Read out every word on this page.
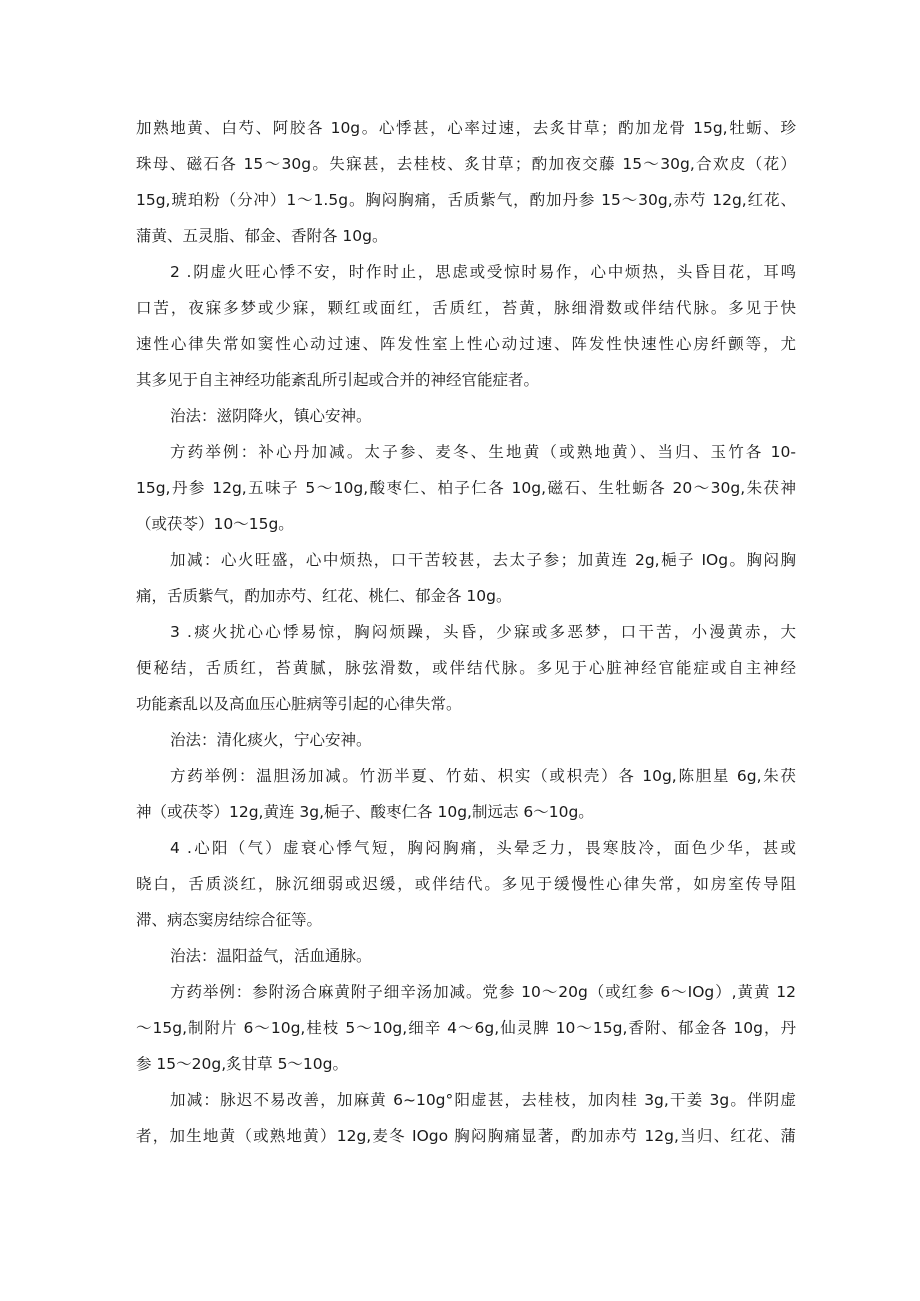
加熟地黄、白芍、阿胶各 10g。心悸甚，心率过速，去炙甘草；酌加龙骨 15g,牡蛎、珍
珠母、磁石各 15～30g。失寐甚，去桂枝、炙甘草；酌加夜交藤 15～30g,合欢皮（花）
15g,琥珀粉（分冲）1～1.5g。胸闷胸痛，舌质紫气，酌加丹参 15～30g,赤芍 12g,红花、
蒲黄、五灵脂、郁金、香附各 10g。
2 .阴虚火旺心悸不安，时作时止，思虑或受惊时易作，心中烦热，头昏目花，耳鸣
口苦，夜寐多梦或少寐，颗红或面红，舌质红，苔黄，脉细滑数或伴结代脉。多见于快
速性心律失常如窦性心动过速、阵发性室上性心动过速、阵发性快速性心房纤颤等，尤
其多见于自主神经功能紊乱所引起或合并的神经官能症者。
治法：滋阴降火，镇心安神。
方药举例：补心丹加减。太子参、麦冬、生地黄（或熟地黄）、当归、玉竹各 10-
15g,丹参 12g,五味子 5～10g,酸枣仁、柏子仁各 10g,磁石、生牡蛎各 20～30g,朱茯神
（或茯苓）10～15g。
加减：心火旺盛，心中烦热，口干苦较甚，去太子参；加黄连 2g,梔子 IOg。胸闷胸
痛，舌质紫气，酌加赤芍、红花、桃仁、郁金各 10g。
3 .痰火扰心心悸易惊，胸闷烦躁，头昏，少寐或多恶梦，口干苦，小漫黄赤，大
便秘结，舌质红，苔黄腻，脉弦滑数，或伴结代脉。多见于心脏神经官能症或自主神经
功能紊乱以及高血压心脏病等引起的心律失常。
治法：清化痰火，宁心安神。
方药举例：温胆汤加减。竹沥半夏、竹茹、枳实（或枳壳）各 10g,陈胆星 6g,朱茯
神（或茯苓）12g,黄连 3g,梔子、酸枣仁各 10g,制远志 6～10g。
4 .心阳（气）虚衰心悸气短，胸闷胸痛，头晕乏力，畏寒肢冷，面色少华，甚或
晓白，舌质淡红，脉沉细弱或迟缓，或伴结代。多见于缓慢性心律失常，如房室传导阻
滞、病态窦房结综合征等。
治法：温阳益气，活血通脉。
方药举例：参附汤合麻黄附子细辛汤加减。党参 10～20g（或红参 6～IOg）,黄黄 12
～15g,制附片 6～10g,桂枝 5～10g,细辛 4～6g,仙灵脾 10～15g,香附、郁金各 10g，丹
参 15～20g,炙甘草 5～10g。
加减：脉迟不易改善，加麻黄 6~10g°阳虚甚，去桂枝，加肉桂 3g,干姜 3g。伴阴虚
者，加生地黄（或熟地黄）12g,麦冬 IOgo 胸闷胸痛显著，酌加赤芍 12g,当归、红花、蒲
